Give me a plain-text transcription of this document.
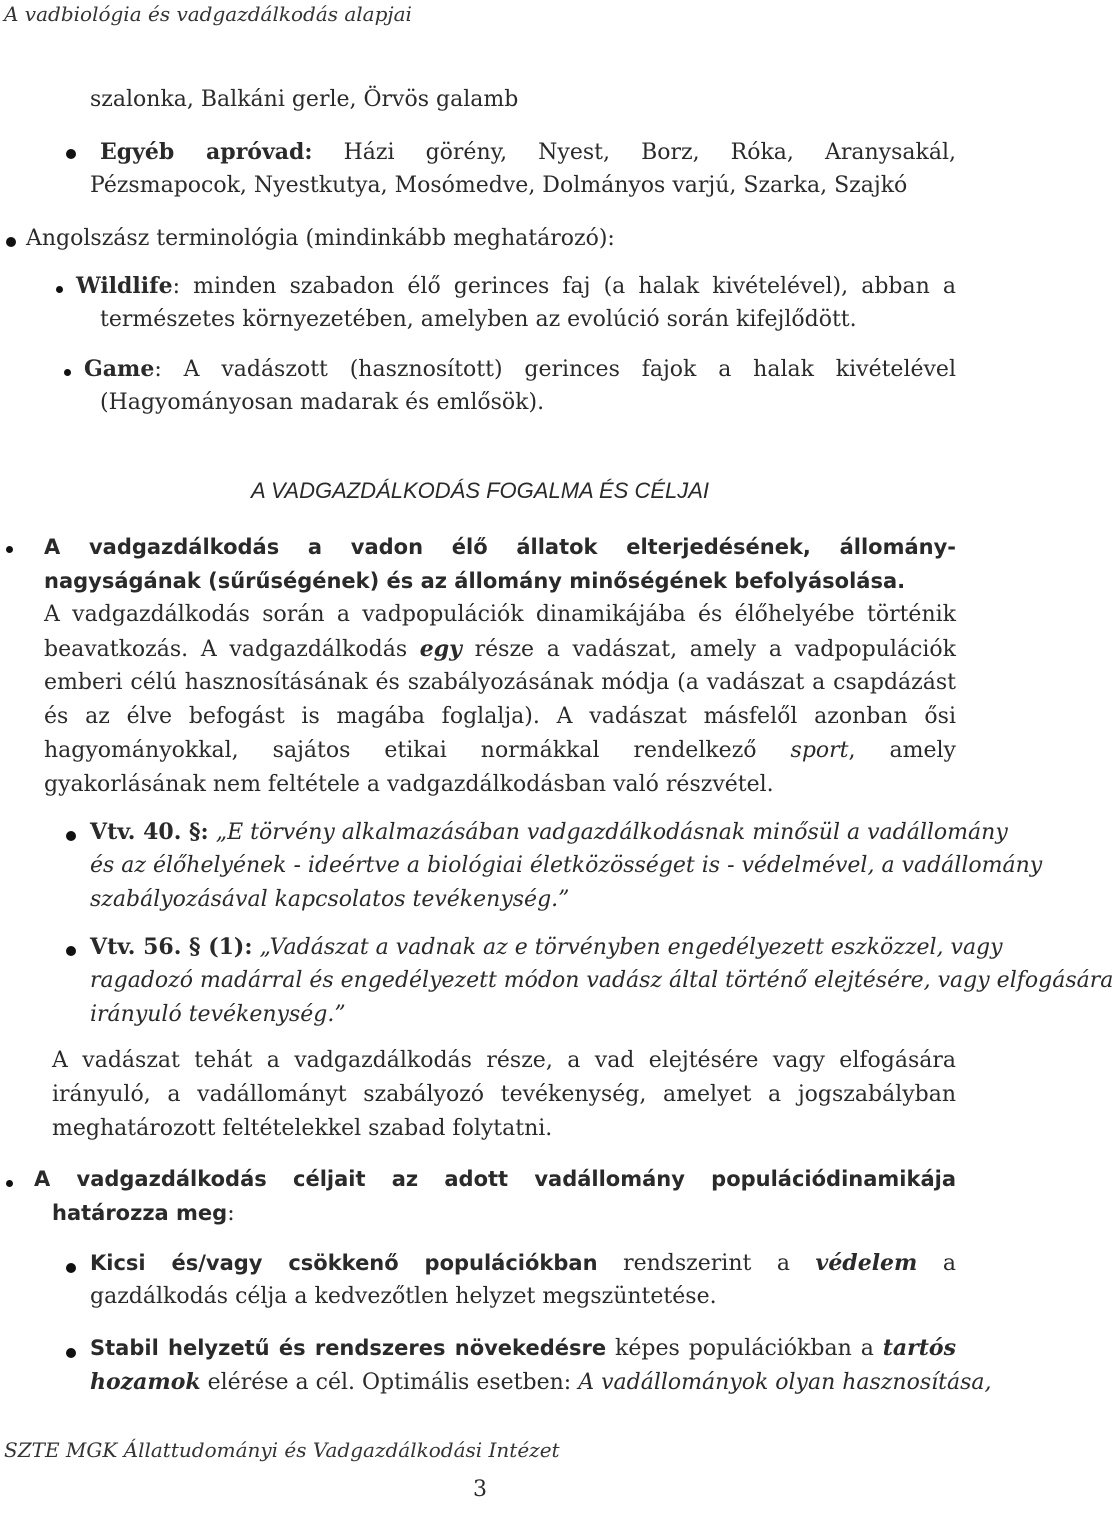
A vadbiológia és vadgazdálkodás alapjai
szalonka, Balkáni gerle, Örvös galamb
Egyéb apróvad: Házi görény, Nyest, Borz, Róka, Aranysakál,
Pézsmapocok, Nyestkutya, Mosómedve, Dolmányos varjú, Szarka, Szajkó
Angolszász terminológia (mindinkább meghatározó):
Wildlife: minden szabadon élő gerinces faj (a halak kivételével), abban a
természetes környezetében, amelyben az evolúció során kifejlődött.
Game: A vadászott (hasznosított) gerinces fajok a halak kivételével
(Hagyományosan madarak és emlősök).
A VADGAZDÁLKODÁS FOGALMA ÉS CÉLJAI
A vadgazdálkodás a vadon élő állatok elterjedésének, állomány-
nagyságának (sűrűségének) és az állomány minőségének befolyásolása.
A vadgazdálkodás során a vadpopulációk dinamikájába és élőhelyébe történik
beavatkozás. A vadgazdálkodás egy része a vadászat, amely a vadpopulációk
emberi célú hasznosításának és szabályozásának módja (a vadászat a csapdázást
és az élve befogást is magába foglalja). A vadászat másfelől azonban ősi
hagyományokkal, sajátos etikai normákkal rendelkező sport, amely
gyakorlásának nem feltétele a vadgazdálkodásban való részvétel.
Vtv. 40. §: „E törvény alkalmazásában vadgazdálkodásnak minősül a vadállomány
és az élőhelyének - ideértve a biológiai életközösséget is - védelmével, a vadállomány
szabályozásával kapcsolatos tevékenység.”
Vtv. 56. § (1): „Vadászat a vadnak az e törvényben engedélyezett eszközzel, vagy
ragadozó madárral és engedélyezett módon vadász által történő elejtésére, vagy elfogására
irányuló tevékenység.”
A vadászat tehát a vadgazdálkodás része, a vad elejtésére vagy elfogására
irányuló, a vadállományt szabályozó tevékenység, amelyet a jogszabályban
meghatározott feltételekkel szabad folytatni.
A vadgazdálkodás céljait az adott vadállomány populációdinamikája
határozza meg:
Kicsi és/vagy csökkenő populációkban rendszerint a védelem a
gazdálkodás célja a kedvezőtlen helyzet megszüntetése.
Stabil helyzetű és rendszeres növekedésre képes populációkban a tartós
hozamok elérése a cél. Optimális esetben: A vadállományok olyan hasznosítása,
SZTE MGK Állattudományi és Vadgazdálkodási Intézet
3
